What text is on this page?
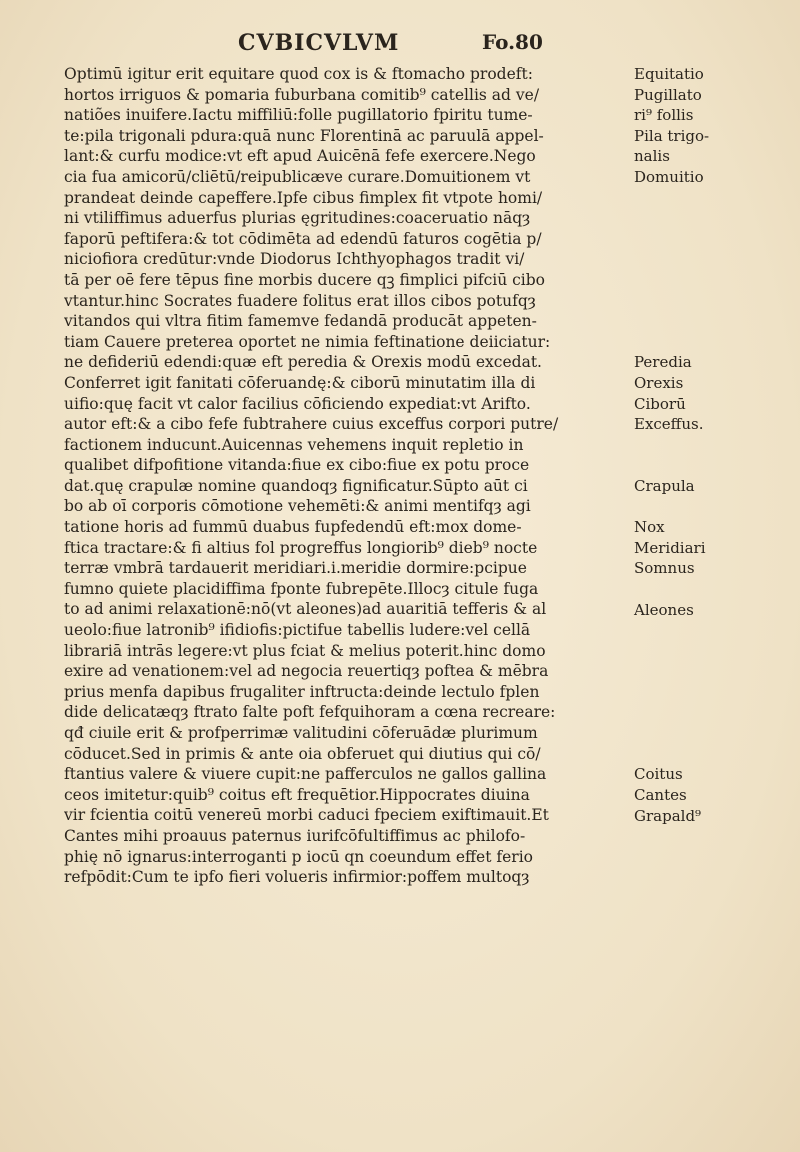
CVBICVLVM	Fo.80
Optimū igitur erit equitare quod cox is & ftomacho prodeft:
hortos irriguos & pomaria fuburbana comitib⁹ catellis ad ve/
natiões inuifere.Iactu miffiliū:folle pugillatorio fpiritu tume-
te:pila trigonali pdura:quā nunc Florentinā ac paruulā appel-
lant:& curfu modice:vt eft apud Auicēnā fefe exercere.Nego
cia fua amicorū/cliētū/reipublicæve curare.Domuitionem vt
prandeat deinde capeffere.Ipfe cibus fimplex fit vtpote homi/
ni vtiliffimus aduerfus plurias ęgritudines:coaceruatio nāqȝ
faporū peftifera:& tot cōdimēta ad edendū faturos cogētia p/
niciofiora credūtur:vnde Diodorus Ichthyophagos tradit vi/
tā per oē fere tēpus fine morbis ducere qꝫ fimplici pifciū cibo
vtantur.hinc Socrates fuadere folitus erat illos cibos potufqȝ
vitandos qui vltra fitim famemve fedandā producāt appeten-
tiam Cauere preterea oportet ne nimia feftinatione deiiciatur:
ne defideriū edendi:quæ eft peredia & Orexis modū excedat.
Conferret igit fanitati cōferuandę:& ciborū minutatim illa di
uifio:quę facit vt calor facilius cōficiendo expediat:vt Arifto.
autor eft:& a cibo fefe fubtrahere cuius exceffus corpori putre/
factionem inducunt.Auicennas vehemens inquit repletio in
qualibet difpofitione vitanda:fiue ex cibo:fiue ex potu proce
dat.quę crapulæ nomine quandoqȝ fignificatur.Sūpto aūt ci
bo ab oī corporis cōmotione vehemēti:& animi mentifqȝ agi
tatione horis ad fummū duabus fupfedendū eft:mox dome-
ftica tractare:& fi altius fol progreffus longiorib⁹ dieb⁹ nocte
terræ vmbrā tardauerit meridiari.i.meridie dormire:pcipue
fumno quiete placidiffima fponte fubrepēte.Illocȝ citule fuga
to ad animi relaxationē:nō(vt aleones)ad auaritiā tefferis & al
ueolo:fiue latronib⁹ ifidiofis:pictifue tabellis ludere:vel cellā
librariā intrās legere:vt plus fciat & melius poterit.hinc domo
exire ad venationem:vel ad negocia reuertiqȝ poftea & mēbra
prius menfa dapibus frugaliter inftructa:deinde lectulo fplen
dide delicatæqȝ ftrato falte poft fefquihoram a cœna recreare:
qđ ciuile erit & profperrimæ valitudini cōferuādæ plurimum
cōducet.Sed in primis & ante oia obferuet qui diutius qui cō/
ftantius valere & viuere cupit:ne pafferculos ne gallos gallina
ceos imitetur:quib⁹ coitus eft frequētior.Hippocrates diuina
vir fcientia coitū venereū morbi caduci fpeciem exiftimauit.Et
Cantes mihi proauus paternus iurifcōfultiffimus ac philofo-
phię nō ignarus:interroganti p iocū qn coeundum effet ferio
refpōdit:Cum te ipfo fieri volueris infirmior:poffem multoqȝ
Equitatio
Pugillato
ri⁹ follis
Pila trigo-
nalis
Domuitio
Peredia
Orexis
Ciborū
Exceffus.
Crapula
Nox
Meridiari
Somnus
Aleones
Coitus
Cantes
Grapald⁹
